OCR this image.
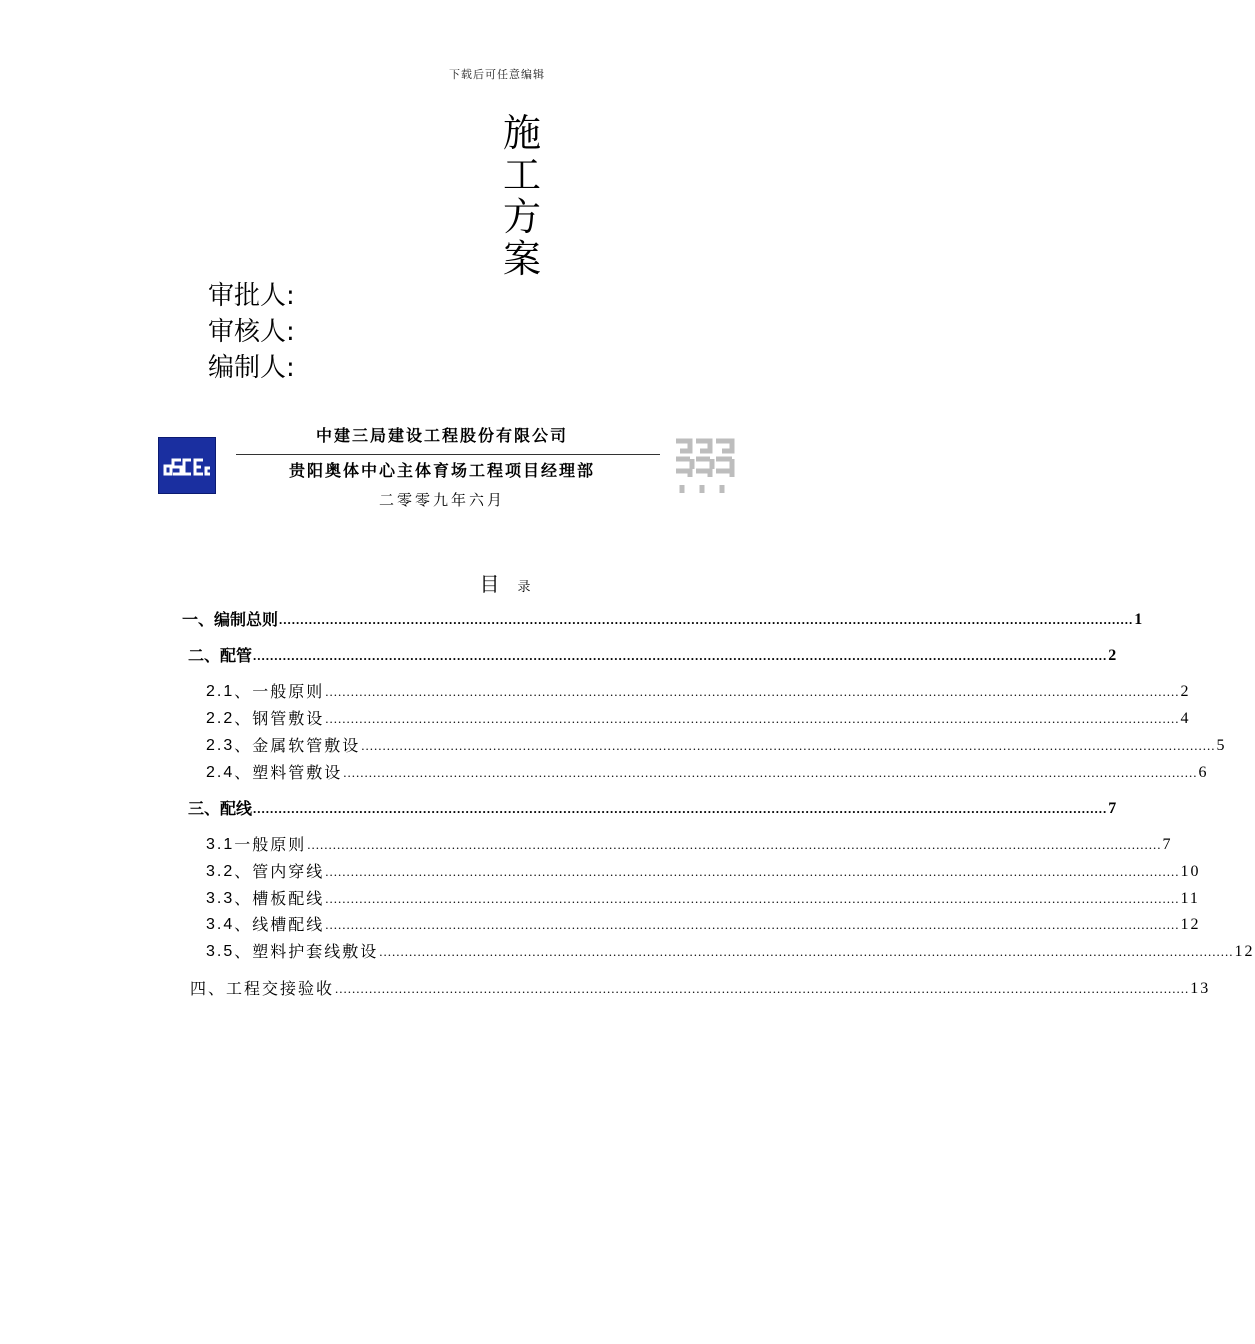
下载后可任意编辑
施
工
方
案
审批人:
审核人:
编制人:
中建三局建设工程股份有限公司
贵阳奥体中心主体育场工程项目经理部
二零零九年六月
目 录
一、编制总则 ......................................................................................................................................................................................................... 1
二、配管 ......................................................................................................................................................................................................... 2
2.1 、一般原则 ......................................................................................................................................................................................................... 2
2.2 、钢管敷设 ......................................................................................................................................................................................................... 4
2.3 、金属软管敷设 ......................................................................................................................................................................................................... 5
2.4 、塑料管敷设 ......................................................................................................................................................................................................... 6
三、配线 ......................................................................................................................................................................................................... 7
3.1 一般原则 ......................................................................................................................................................................................................... 7
3.2 、管内穿线 ......................................................................................................................................................................................................... 10
3.3 、槽板配线 ......................................................................................................................................................................................................... 11
3.4 、线槽配线 ......................................................................................................................................................................................................... 12
3.5 、塑料护套线敷设 ......................................................................................................................................................................................................... 12
四、工程交接验收 ......................................................................................................................................................................................................... 13
